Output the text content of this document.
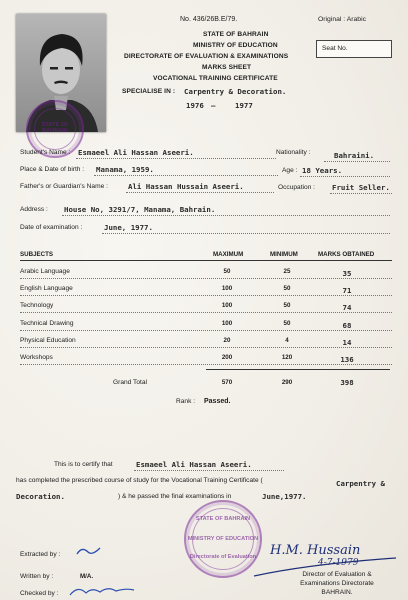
STATE OF BAHRAIN
No. 436/26B.E/79.	Original : Arabic
Seat No.
STATE OF BAHRAIN
MINISTRY OF EDUCATION
DIRECTORATE OF EVALUATION & EXAMINATIONS
MARKS SHEET
VOCATIONAL TRAINING CERTIFICATE
SPECIALISE IN : Carpentry & Decoration.
1976 —	1977
Student's Name : Esmaeel Ali Hassan Aseeri.	Nationality :	Bahraini.
Place & Date of birth : Manama, 1959.	Age : 18 Years.
Father's or Guardian's Name :	Ali Hassan Hussain Aseeri.	Occupation : Fruit Seller.
Address : House No, 3291/7, Manama, Bahrain.
Date of examination :	June, 1977.
SUBJECTS	MAXIMUM	MINIMUM	MARKS OBTAINED
Arabic Language	50	25	35
English Language	100	50	71
Technology	100	50	74
Technical Drawing	100	50	68
Physical Education	20	4	14
Workshops	200	120	136
Grand Total	570	290	398
Rank : Passed.
This is to certify that	Esmaeel Ali Hassan Aseeri.
has completed the prescribed course of study for the Vocational Training Certificate (	Carpentry &
Decoration.	) & he passed the final examinations in	June,1977.
STATE OF BAHRAIN
MINISTRY OF EDUCATION
Directorate of Evaluation
Extracted by :
Written by :	M/A.
Checked by :
H.M. Hussain
4-7-1979
Director of Evaluation &
Examinations Directorate
BAHRAIN.
